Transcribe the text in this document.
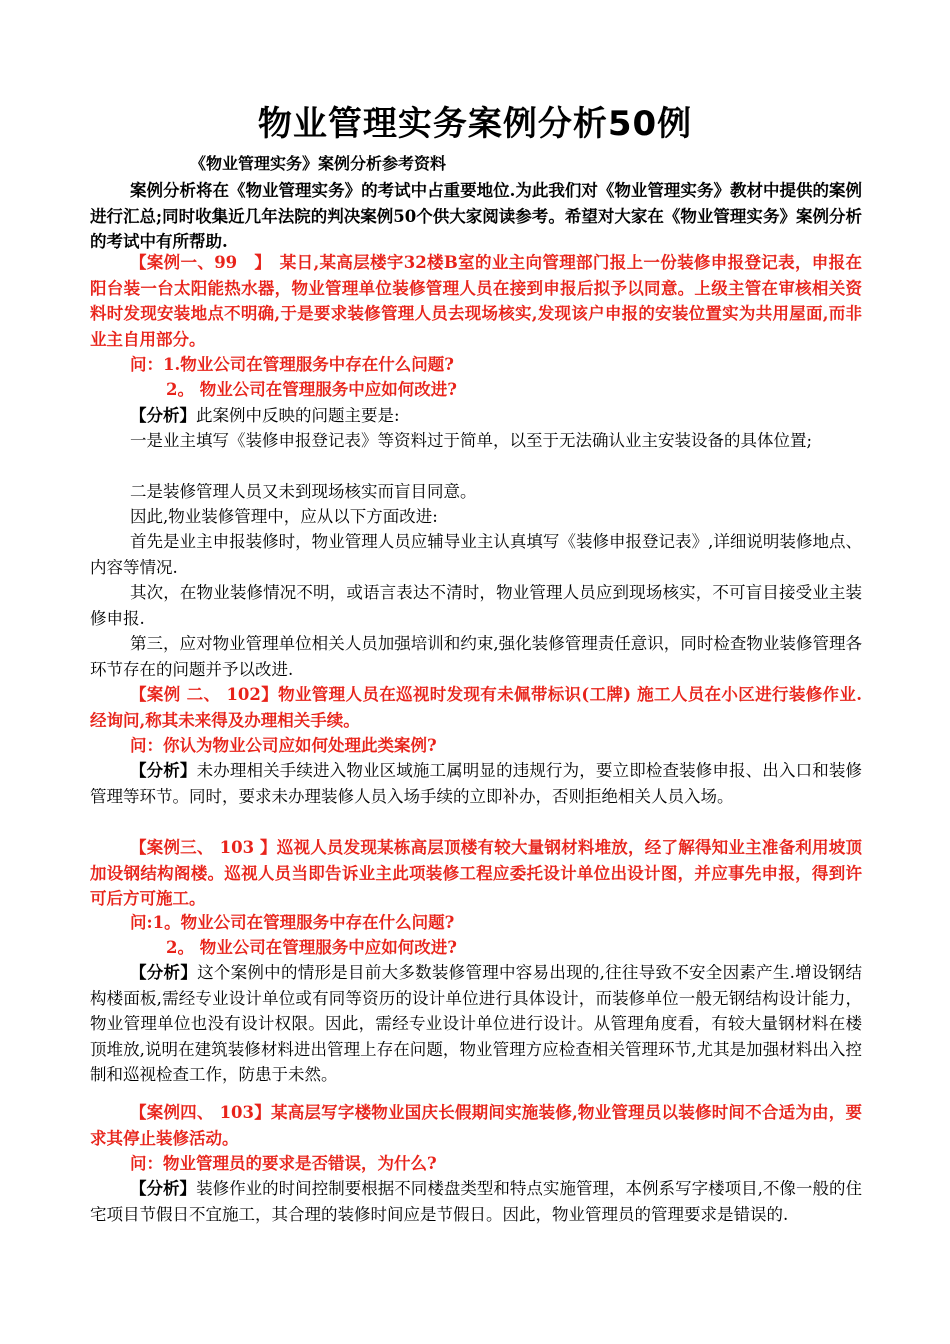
物业管理实务案例分析50例
《物业管理实务》案例分析参考资料

案例分析将在《物业管理实务》的考试中占重要地位.为此我们对《物业管理实务》教材中提供的案例进行汇总;同时收集近几年法院的判决案例50个供大家阅读参考。希望对大家在《物业管理实务》案例分析的考试中有所帮助.

【案例一、99　】　某日,某高层楼宇32楼B室的业主向管理部门报上一份装修申报登记表，申报在阳台装一台太阳能热水器，物业管理单位装修管理人员在接到申报后拟予以同意。上级主管在审核相关资料时发现安装地点不明确,于是要求装修管理人员去现场核实,发现该户申报的安装位置实为共用屋面,而非业主自用部分。

问：1.物业公司在管理服务中存在什么问题?

2。 物业公司在管理服务中应如何改进?

【分析】此案例中反映的问题主要是:

一是业主填写《装修申报登记表》等资料过于简单，以至于无法确认业主安装设备的具体位置;

二是装修管理人员又未到现场核实而盲目同意。

因此,物业装修管理中，应从以下方面改进:

首先是业主申报装修时，物业管理人员应辅导业主认真填写《装修申报登记表》,详细说明装修地点、内容等情况.

其次，在物业装修情况不明，或语言表达不清时，物业管理人员应到现场核实，不可盲目接受业主装修申报.

第三，应对物业管理单位相关人员加强培训和约束,强化装修管理责任意识，同时检查物业装修管理各环节存在的问题并予以改进.

【案例 二、 102】物业管理人员在巡视时发现有未佩带标识(工牌) 施工人员在小区进行装修作业.经询问,称其未来得及办理相关手续。

问：你认为物业公司应如何处理此类案例?

【分析】未办理相关手续进入物业区域施工属明显的违规行为，要立即检查装修申报、出入口和装修管理等环节。同时，要求未办理装修人员入场手续的立即补办，否则拒绝相关人员入场。

【案例三、 103 】巡视人员发现某栋高层顶楼有较大量钢材料堆放，经了解得知业主准备利用坡顶加设钢结构阁楼。巡视人员当即告诉业主此项装修工程应委托设计单位出设计图，并应事先申报，得到许可后方可施工。

问:1。物业公司在管理服务中存在什么问题?

2。 物业公司在管理服务中应如何改进?

【分析】这个案例中的情形是目前大多数装修管理中容易出现的,往往导致不安全因素产生.增设钢结构楼面板,需经专业设计单位或有同等资历的设计单位进行具体设计，而装修单位一般无钢结构设计能力，物业管理单位也没有设计权限。因此，需经专业设计单位进行设计。从管理角度看，有较大量钢材料在楼顶堆放,说明在建筑装修材料进出管理上存在问题，物业管理方应检查相关管理环节,尤其是加强材料出入控制和巡视检查工作，防患于未然。

【案例四、 103】某高层写字楼物业国庆长假期间实施装修,物业管理员以装修时间不合适为由，要求其停止装修活动。

问：物业管理员的要求是否错误，为什么?

【分析】装修作业的时间控制要根据不同楼盘类型和特点实施管理，本例系写字楼项目,不像一般的住宅项目节假日不宜施工，其合理的装修时间应是节假日。因此，物业管理员的管理要求是错误的.
